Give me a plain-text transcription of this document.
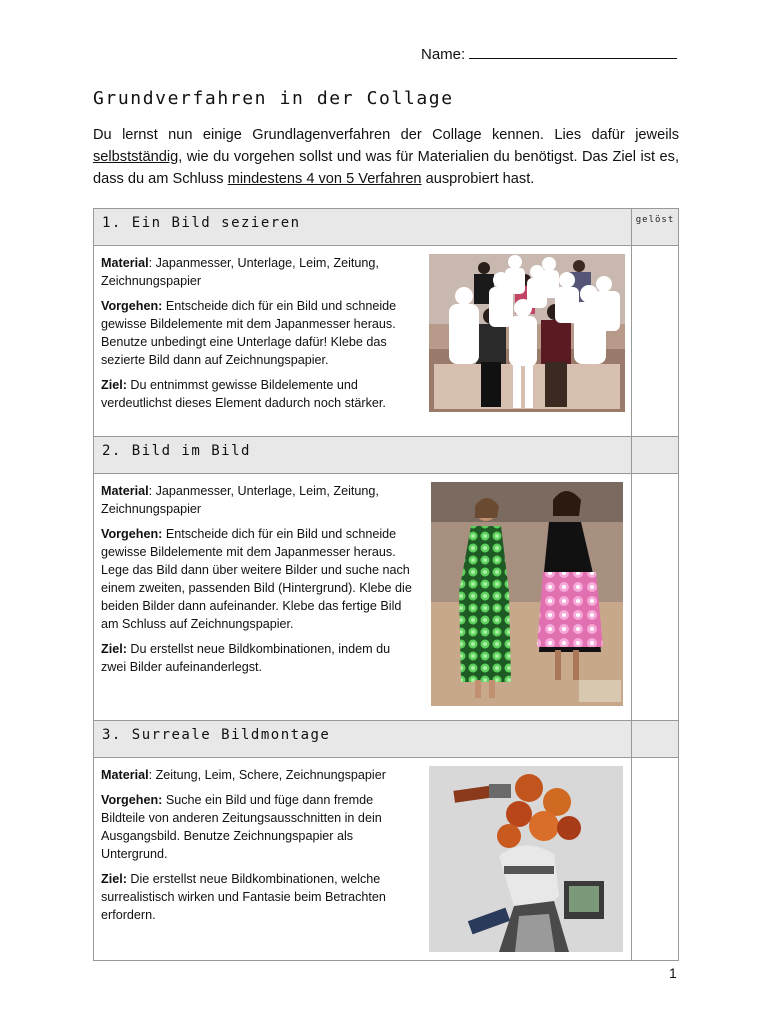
Name:
Grundverfahren in der Collage
Du lernst nun einige Grundlagenverfahren der Collage kennen. Lies dafür jeweils selbstständig, wie du vorgehen sollst und was für Materialien du benötigst. Das Ziel ist es, dass du am Schluss mindestens 4 von 5 Verfahren ausprobiert hast.
1. Ein Bild sezieren	gelöst

Material: Japanmesser, Unterlage, Leim, Zeitung, Zeichnungspapier

Vorgehen: Entscheide dich für ein Bild und schneide gewisse Bildelemente mit dem Japanmesser heraus. Benutze unbedingt eine Unterlage dafür! Klebe das sezierte Bild dann auf Zeichnungspapier.

Ziel: Du entnimmst gewisse Bildelemente und verdeutlichst dieses Element dadurch noch stärker.	

2. Bild im Bild	

Material: Japanmesser, Unterlage, Leim, Zeitung, Zeichnungspapier

Vorgehen: Entscheide dich für ein Bild und schneide gewisse Bildelemente mit dem Japanmesser heraus. Lege das Bild dann über weitere Bilder und suche nach einem zweiten, passenden Bild (Hintergrund). Klebe die beiden Bilder dann aufeinander. Klebe das fertige Bild am Schluss auf Zeichnungspapier.

Ziel: Du erstellst neue Bildkombinationen, indem du zwei Bilder aufeinanderlegst.	

3. Surreale Bildmontage	

Material: Zeitung, Leim, Schere, Zeichnungspapier

Vorgehen: Suche ein Bild und füge dann fremde Bildteile von anderen Zeitungsausschnitten in dein Ausgangsbild. Benutze Zeichnungspapier als Untergrund.

Ziel: Die erstellst neue Bildkombinationen, welche surrealistisch wirken und Fantasie beim Betrachten erfordern.	

1
